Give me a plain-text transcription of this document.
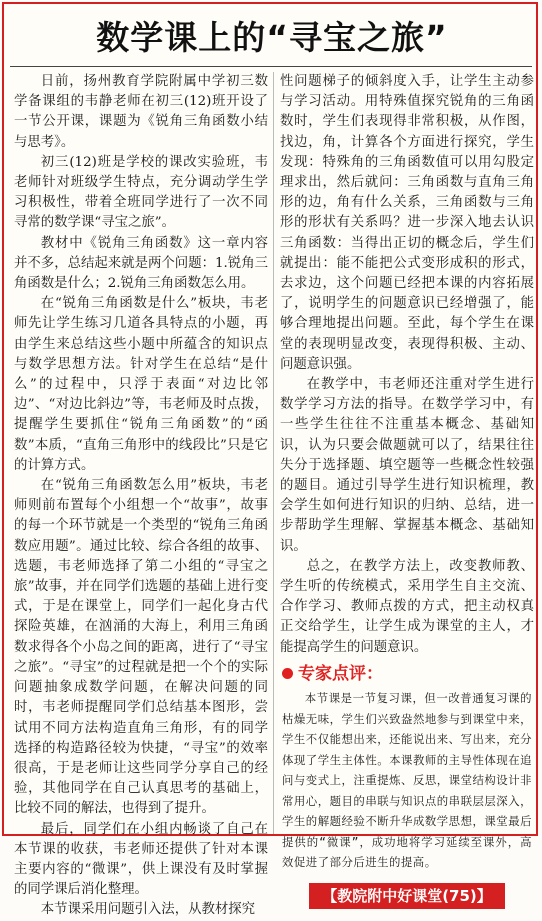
数学课上的“寻宝之旅”

日前，扬州教育学院附属中学初三数学备课组的韦静老师在初三(12)班开设了一节公开课，课题为《锐角三角函数小结与思考》。

初三(12)班是学校的课改实验班，韦老师针对班级学生特点，充分调动学生学习积极性，带着全班同学进行了一次不同寻常的数学课“寻宝之旅”。

教材中《锐角三角函数》这一章内容并不多，总结起来就是两个问题：1.锐角三角函数是什么；2.锐角三角函数怎么用。

在“锐角三角函数是什么”板块，韦老师先让学生练习几道各具特点的小题，再由学生来总结这些小题中所蕴含的知识点与数学思想方法。针对学生在总结“是什么”的过程中，只浮于表面“对边比邻边”、“对边比斜边”等，韦老师及时点拨，提醒学生要抓住“锐角三角函数”的“函数”本质，“直角三角形中的线段比”只是它的计算方式。

在“锐角三角函数怎么用”板块，韦老师则前布置每个小组想一个“故事”，故事的每一个环节就是一个类型的“锐角三角函数应用题”。通过比较、综合各组的故事、选题，韦老师选择了第二小组的“寻宝之旅”故事，并在同学们选题的基础上进行变式，于是在课堂上，同学们一起化身古代探险英雄，在汹涌的大海上，利用三角函数求得各个小岛之间的距离，进行了“寻宝之旅”。“寻宝”的过程就是把一个个的实际问题抽象成数学问题，在解决问题的同时，韦老师提醒同学们总结基本图形，尝试用不同方法构造直角三角形，有的同学选择的构造路径较为快捷，“寻宝”的效率很高，于是老师让这些同学分享自己的经验，其他同学在自己认真思考的基础上，比较不同的解法，也得到了提升。

最后，同学们在小组内畅谈了自己在本节课的收获，韦老师还提供了针对本课主要内容的“微课”，供上课没有及时掌握的同学课后消化整理。

本节课采用问题引入法，从教材探究

性问题梯子的倾斜度入手，让学生主动参与学习活动。用特殊值探究锐角的三角函数时，学生们表现得非常积极，从作图，找边，角，计算各个方面进行探究，学生发现：特殊角的三角函数值可以用勾股定理求出，然后就问：三角函数与直角三角形的边，角有什么关系，三角函数与三角形的形状有关系吗？进一步深入地去认识三角函数：当得出正切的概念后，学生们就提出：能不能把公式变形成积的形式，去求边，这个问题已经把本课的内容拓展了，说明学生的问题意识已经增强了，能够合理地提出问题。至此，每个学生在课堂的表现明显改变，表现得积极、主动、问题意识强。

在教学中，韦老师还注重对学生进行数学学习方法的指导。在数学学习中，有一些学生往往不注重基本概念、基础知识，认为只要会做题就可以了，结果往往失分于选择题、填空题等一些概念性较强的题目。通过引导学生进行知识梳理，教会学生如何进行知识的归纳、总结，进一步帮助学生理解、掌握基本概念、基础知识。

总之，在教学方法上，改变教师教、学生听的传统模式，采用学生自主交流、合作学习、教师点拨的方式，把主动权真正交给学生，让学生成为课堂的主人，才能提高学生的问题意识。

专家点评：

本节课是一节复习课，但一改普通复习课的枯燥无味，学生们兴致盎然地参与到课堂中来，学生不仅能想出来，还能说出来、写出来，充分体现了学生主体性。本课教师的主导性体现在追问与变式上，注重提炼、反思，课堂结构设计非常用心，题目的串联与知识点的串联层层深入，学生的解题经验不断升华成数学思想，课堂最后提供的“微课”，成功地将学习延续至课外，高效促进了部分后进生的提高。

【教院附中好课堂(75)】
